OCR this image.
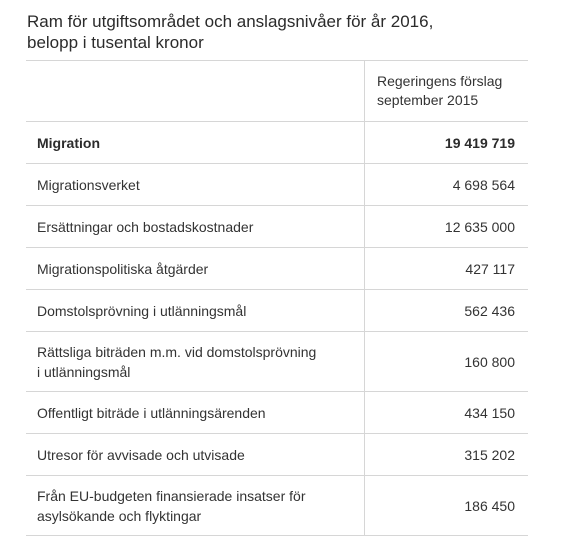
Ram för utgiftsområdet och anslagsnivåer för år 2016,
belopp i tusental kronor
	Regeringens förslag
september 2015
Migration	19 419 719
Migrationsverket	4 698 564
Ersättningar och bostadskostnader	12 635 000
Migrationspolitiska åtgärder	427 117
Domstolsprövning i utlänningsmål	562 436
Rättsliga biträden m.m. vid domstolsprövning
i utlänningsmål	160 800
Offentligt biträde i utlänningsärenden	434 150
Utresor för avvisade och utvisade	315 202
Från EU-budgeten finansierade insatser för
asylsökande och flyktingar	186 450
